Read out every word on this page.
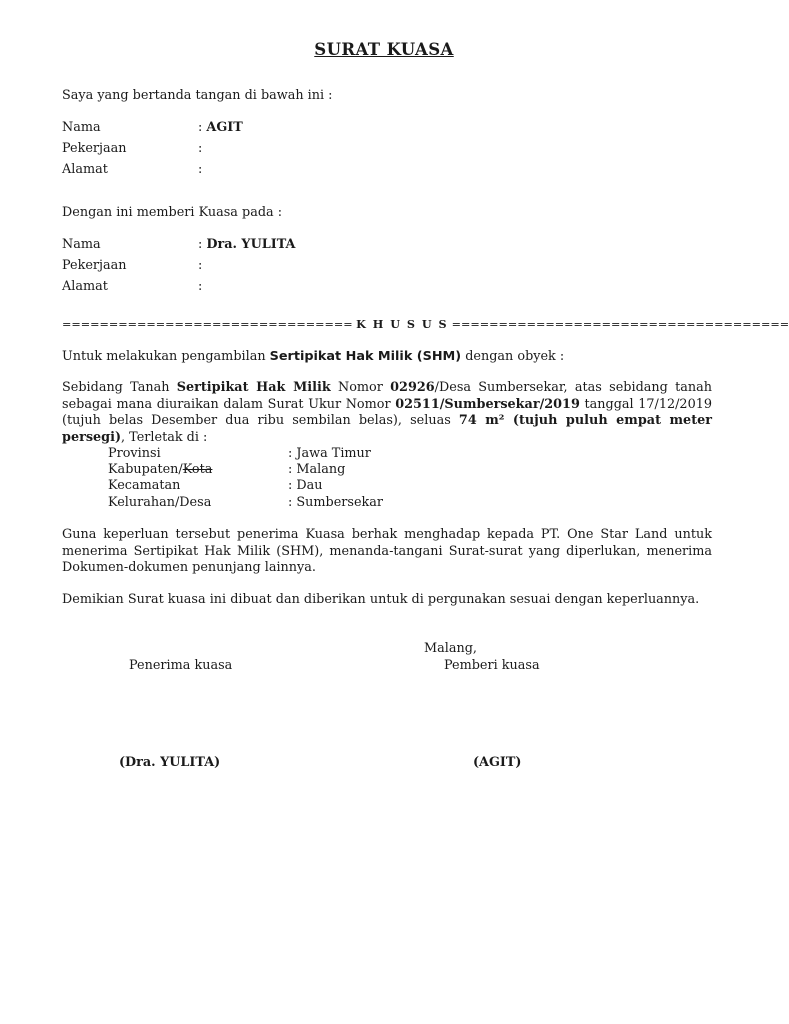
SURAT KUASA
Saya yang bertanda tangan di bawah ini :
Nama	: AGIT
Pekerjaan	:
Alamat	:
Dengan ini memberi Kuasa pada :
Nama	: Dra. YULITA
Pekerjaan	:
Alamat	:
=============================== K H U S U S ====================================
Untuk melakukan pengambilan Sertipikat Hak Milik (SHM) dengan obyek :
Sebidang Tanah Sertipikat Hak Milik Nomor 02926/Desa Sumbersekar, atas sebidang tanah sebagai mana diuraikan dalam Surat Ukur Nomor 02511/Sumbersekar/2019 tanggal 17/12/2019 (tujuh belas Desember dua ribu sembilan belas), seluas 74 m² (tujuh puluh empat meter persegi), Terletak di :
Provinsi	: Jawa Timur
Kabupaten/Kota	: Malang
Kecamatan	: Dau
Kelurahan/Desa	: Sumbersekar
Guna keperluan tersebut penerima Kuasa berhak menghadap kepada PT. One Star Land untuk menerima Sertipikat Hak Milik (SHM), menanda-tangani Surat-surat yang diperlukan, menerima Dokumen-dokumen penunjang lainnya.
Demikian Surat kuasa ini dibuat dan diberikan untuk di pergunakan sesuai dengan keperluannya.
Malang,
Penerima kuasa	Pemberi kuasa
(Dra. YULITA)	(AGIT)
